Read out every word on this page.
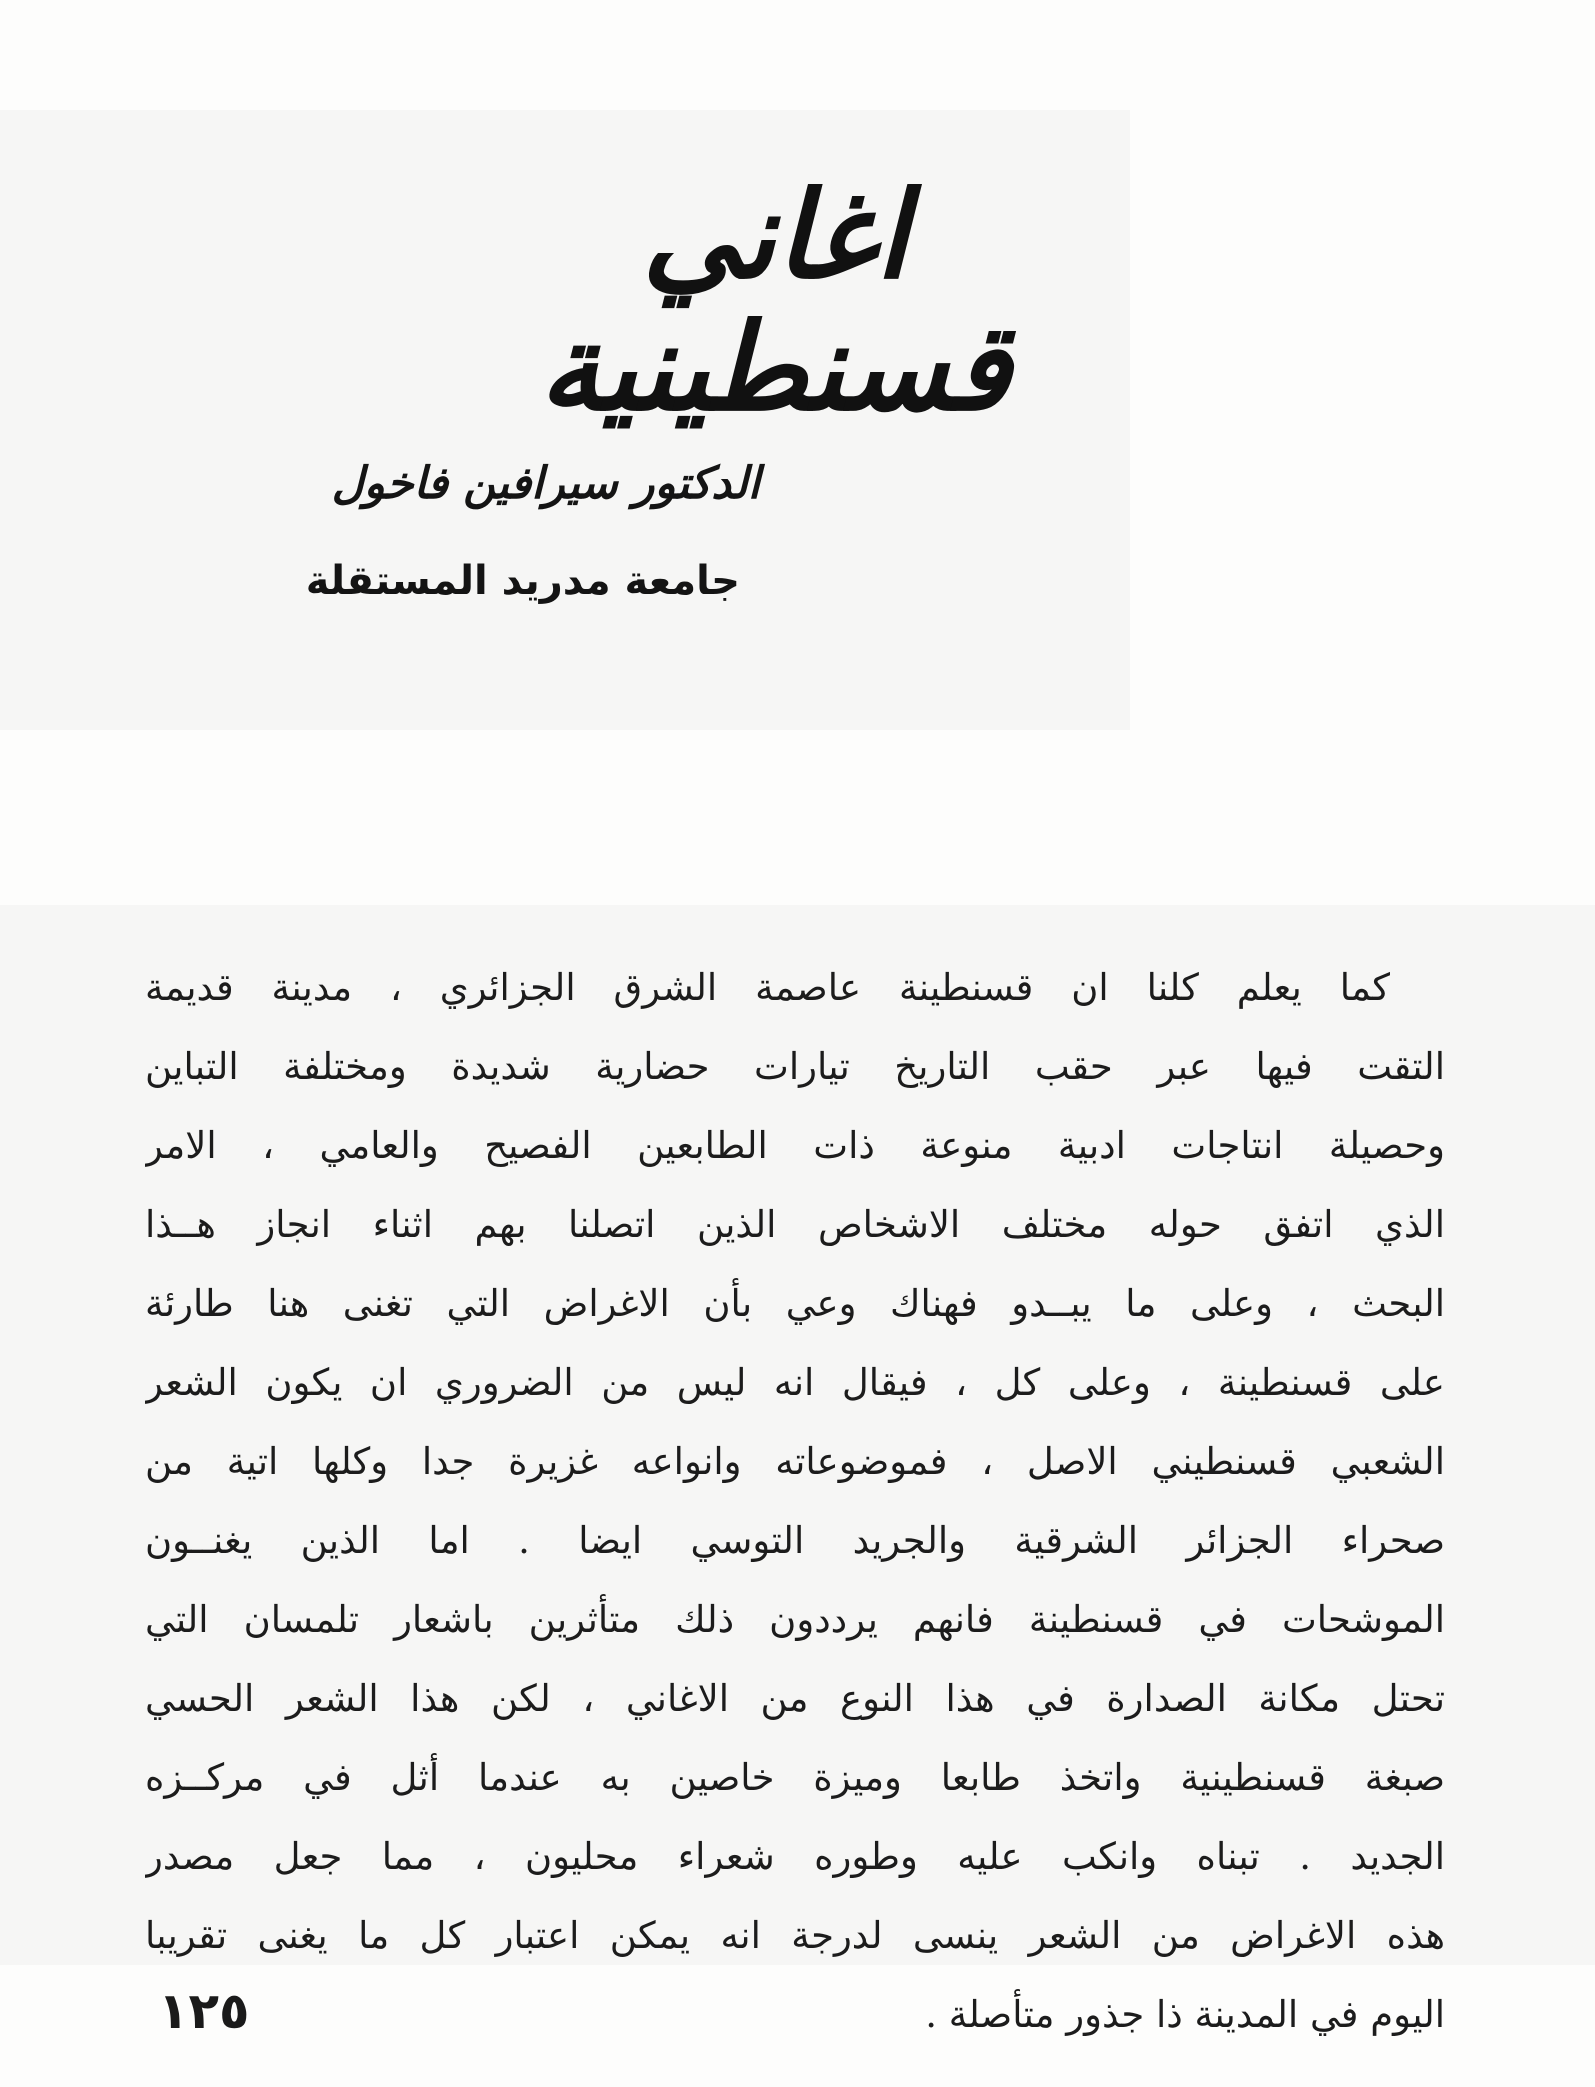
اغاني قسنطينية
الدكتور سيرافين فاخول
جامعة مدريد المستقلة
كما يعلم كلنا ان قسنطينة عاصمة الشرق الجزائري ، مدينة قديمة
التقت فيها عبر حقب التاريخ تيارات حضارية شديدة ومختلفة التباين
وحصيلة انتاجات ادبية منوعة ذات الطابعين الفصيح والعامي ، الامر
الذي اتفق حوله مختلف الاشخاص الذين اتصلنا بهم اثناء انجاز هــذا
البحث ، وعلى ما يبــدو فهناك وعي بأن الاغراض التي تغنى هنا طارئة
على قسنطينة ، وعلى كل ، فيقال انه ليس من الضروري ان يكون الشعر
الشعبي قسنطيني الاصل ، فموضوعاته وانواعه غزيرة جدا وكلها اتية من
صحراء الجزائر الشرقية والجريد التوسي ايضا . اما الذين يغنــون
الموشحات في قسنطينة فانهم يرددون ذلك متأثرين باشعار تلمسان التي
تحتل مكانة الصدارة في هذا النوع من الاغاني ، لكن هذا الشعر الحسي
صبغة قسنطينية واتخذ طابعا وميزة خاصين به عندما أثل في مركــزه
الجديد . تبناه وانكب عليه وطوره شعراء محليون ، مما جعل مصدر
هذه الاغراض من الشعر ينسى لدرجة انه يمكن اعتبار كل ما يغنى تقريبا
اليوم في المدينة ذا جذور متأصلة .
١٢٥
